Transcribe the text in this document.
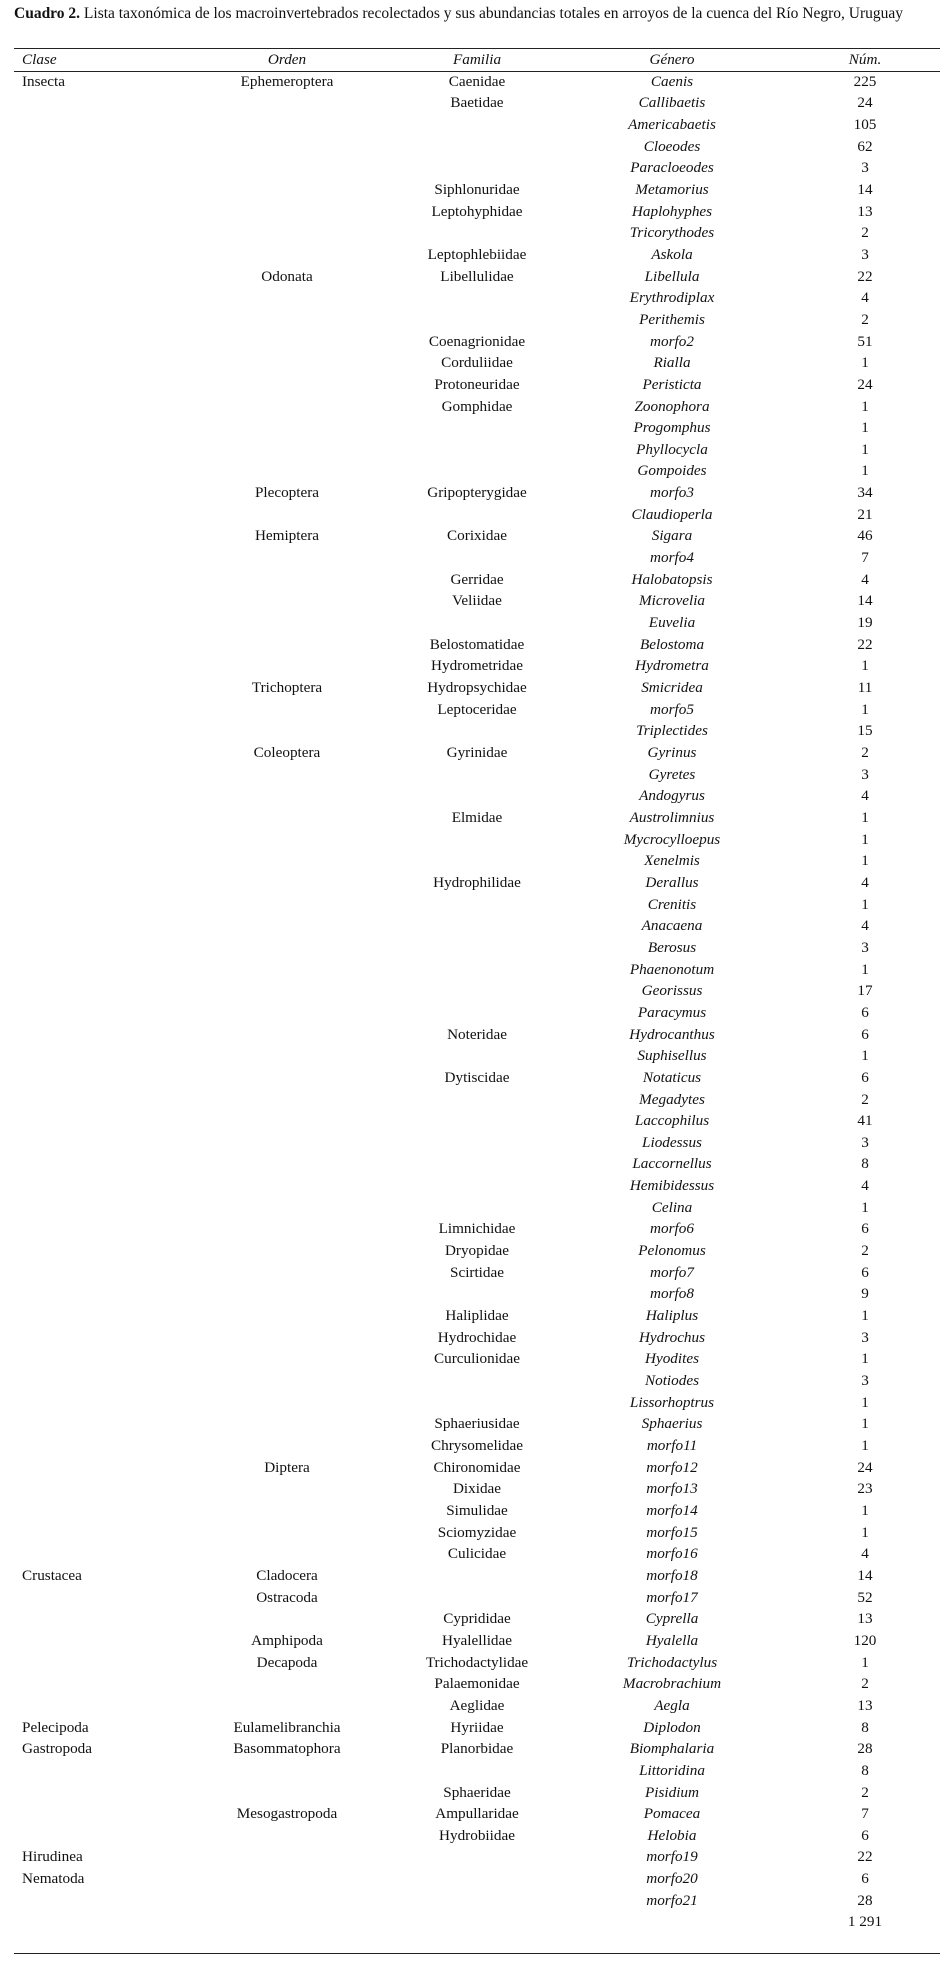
Cuadro 2. Lista taxonómica de los macroinvertebrados recolectados y sus abundancias totales en arroyos de la cuenca del Río Negro, Uruguay
Clase	Orden	Familia	Género	Núm.
Insecta	Ephemeroptera	Caenidae	Caenis	225
		Baetidae	Callibaetis	24
			Americabaetis	105
			Cloeodes	62
			Paracloeodes	3
		Siphlonuridae	Metamorius	14
		Leptohyphidae	Haplohyphes	13
			Tricorythodes	2
		Leptophlebiidae	Askola	3
	Odonata	Libellulidae	Libellula	22
			Erythrodiplax	4
			Perithemis	2
		Coenagrionidae	morfo2	51
		Corduliidae	Rialla	1
		Protoneuridae	Peristicta	24
		Gomphidae	Zoonophora	1
			Progomphus	1
			Phyllocycla	1
			Gompoides	1
	Plecoptera	Gripopterygidae	morfo3	34
			Claudioperla	21
	Hemiptera	Corixidae	Sigara	46
			morfo4	7
		Gerridae	Halobatopsis	4
		Veliidae	Microvelia	14
			Euvelia	19
		Belostomatidae	Belostoma	22
		Hydrometridae	Hydrometra	1
	Trichoptera	Hydropsychidae	Smicridea	11
		Leptoceridae	morfo5	1
			Triplectides	15
	Coleoptera	Gyrinidae	Gyrinus	2
			Gyretes	3
			Andogyrus	4
		Elmidae	Austrolimnius	1
			Mycrocylloepus	1
			Xenelmis	1
		Hydrophilidae	Derallus	4
			Crenitis	1
			Anacaena	4
			Berosus	3
			Phaenonotum	1
			Georissus	17
			Paracymus	6
		Noteridae	Hydrocanthus	6
			Suphisellus	1
		Dytiscidae	Notaticus	6
			Megadytes	2
			Laccophilus	41
			Liodessus	3
			Laccornellus	8
			Hemibidessus	4
			Celina	1
		Limnichidae	morfo6	6
		Dryopidae	Pelonomus	2
		Scirtidae	morfo7	6
			morfo8	9
		Haliplidae	Haliplus	1
		Hydrochidae	Hydrochus	3
		Curculionidae	Hyodites	1
			Notiodes	3
			Lissorhoptrus	1
		Sphaeriusidae	Sphaerius	1
		Chrysomelidae	morfo11	1
	Diptera	Chironomidae	morfo12	24
		Dixidae	morfo13	23
		Simulidae	morfo14	1
		Sciomyzidae	morfo15	1
		Culicidae	morfo16	4
Crustacea	Cladocera		morfo18	14
	Ostracoda		morfo17	52
		Cyprididae	Cyprella	13
	Amphipoda	Hyalellidae	Hyalella	120
	Decapoda	Trichodactylidae	Trichodactylus	1
		Palaemonidae	Macrobrachium	2
		Aeglidae	Aegla	13
Pelecipoda	Eulamelibranchia	Hyriidae	Diplodon	8
Gastropoda	Basommatophora	Planorbidae	Biomphalaria	28
			Littoridina	8
		Sphaeridae	Pisidium	2
	Mesogastropoda	Ampullaridae	Pomacea	7
		Hydrobiidae	Helobia	6
Hirudinea			morfo19	22
Nematoda			morfo20	6
			morfo21	28
				1 291
